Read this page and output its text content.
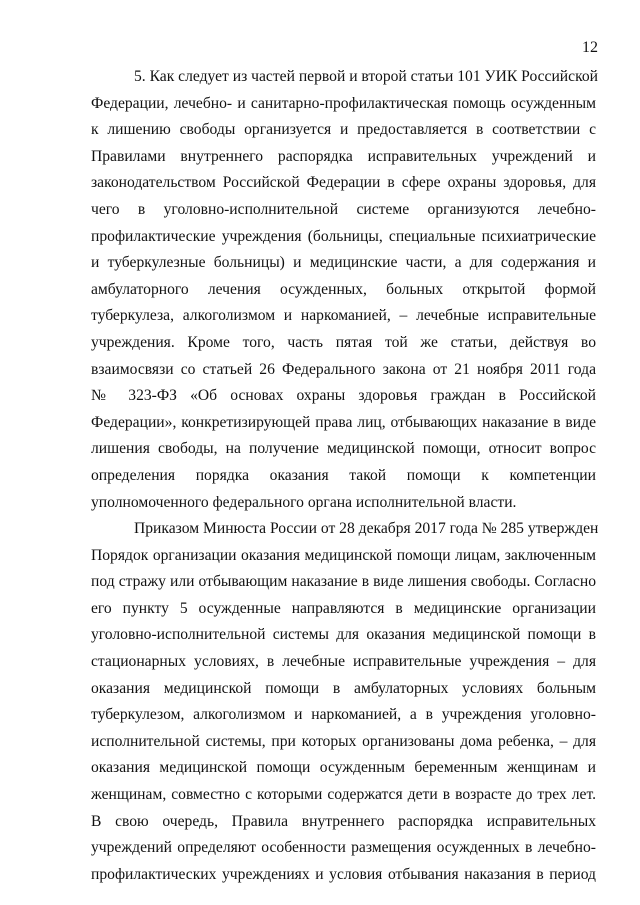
12
5. Как следует из частей первой и второй статьи 101 УИК Российской
Федерации, лечебно- и санитарно-профилактическая помощь осужденным
к лишению свободы организуется и предоставляется в соответствии с
Правилами внутреннего распорядка исправительных учреждений и
законодательством Российской Федерации в сфере охраны здоровья, для
чего в уголовно-исполнительной системе организуются лечебно-
профилактические учреждения (больницы, специальные психиатрические
и туберкулезные больницы) и медицинские части, а для содержания и
амбулаторного лечения осужденных, больных открытой формой
туберкулеза, алкоголизмом и наркоманией, – лечебные исправительные
учреждения. Кроме того, часть пятая той же статьи, действуя во
взаимосвязи со статьей 26 Федерального закона от 21 ноября 2011 года
№ 323-ФЗ «Об основах охраны здоровья граждан в Российской
Федерации», конкретизирующей права лиц, отбывающих наказание в виде
лишения свободы, на получение медицинской помощи, относит вопрос
определения порядка оказания такой помощи к компетенции
уполномоченного федерального органа исполнительной власти.
Приказом Минюста России от 28 декабря 2017 года № 285 утвержден
Порядок организации оказания медицинской помощи лицам, заключенным
под стражу или отбывающим наказание в виде лишения свободы. Согласно
его пункту 5 осужденные направляются в медицинские организации
уголовно-исполнительной системы для оказания медицинской помощи в
стационарных условиях, в лечебные исправительные учреждения – для
оказания медицинской помощи в амбулаторных условиях больным
туберкулезом, алкоголизмом и наркоманией, а в учреждения уголовно-
исполнительной системы, при которых организованы дома ребенка, – для
оказания медицинской помощи осужденным беременным женщинам и
женщинам, совместно с которыми содержатся дети в возрасте до трех лет.
В свою очередь, Правила внутреннего распорядка исправительных
учреждений определяют особенности размещения осужденных в лечебно-
профилактических учреждениях и условия отбывания наказания в период
